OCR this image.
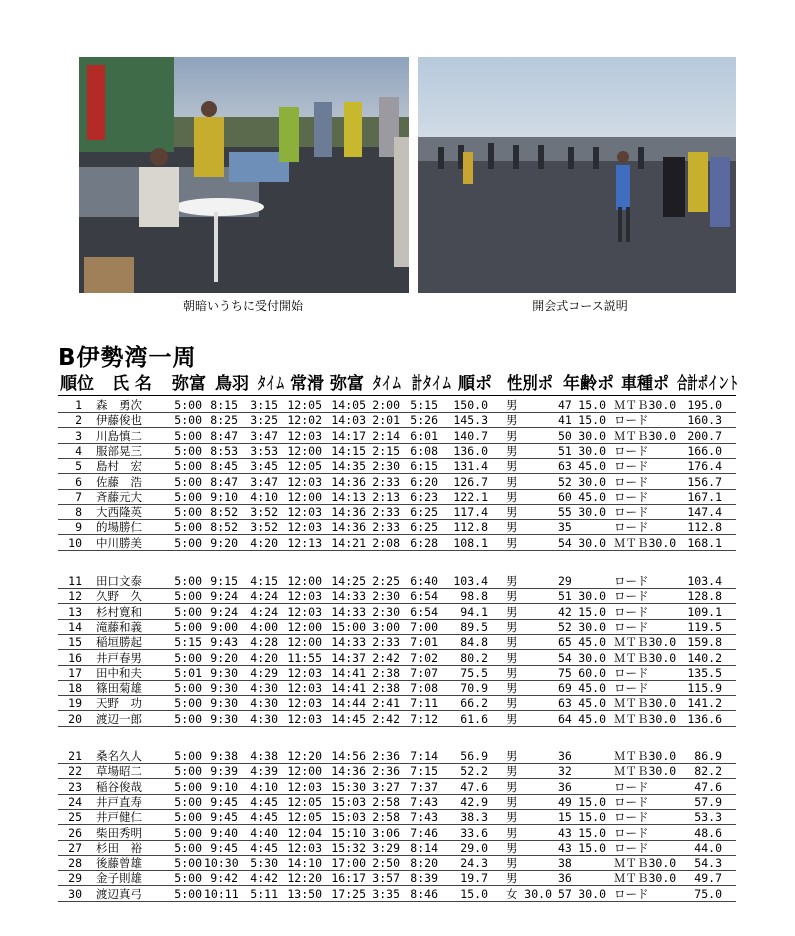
朝暗いうちに受付開始	開会式コース説明
B伊勢湾一周
順位 氏 名 弥富 鳥羽 タイム 常滑 弥富 タイム 計タイム 順ポ 性別ポ 年齢ポ 車種ポ 合計ポイント
1 森　勇次	5:00 8:15	3:15 12:05 14:05 2:00 5:15 150.0 男	47 15.0 ＭＴＢ30.0 195.0
2 伊藤俊也	5:00 8:25	3:25 12:02 14:03 2:01 5:26 145.3 男	41 15.0 ロード	160.3
3 川島慎二	5:00 8:47	3:47 12:03 14:17 2:14 6:01 140.7 男	50 30.0 ＭＴＢ30.0 200.7
4 服部晃三	5:00 8:53	3:53 12:00 14:15 2:15 6:08 136.0 男	51 30.0 ロード	166.0
5 島村　宏	5:00 8:45	3:45 12:05 14:35 2:30 6:15 131.4 男	63 45.0 ロード	176.4
6 佐藤　浩	5:00 8:47	3:47 12:03 14:36 2:33 6:20 126.7 男	52 30.0 ロード	156.7
7 斉藤元大	5:00 9:10	4:10 12:00 14:13 2:13 6:23 122.1 男	60 45.0 ロード	167.1
8 大西隆英	5:00 8:52	3:52 12:03 14:36 2:33 6:25 117.4 男	55 30.0 ロード	147.4
9 的場勝仁	5:00 8:52	3:52 12:03 14:36 2:33 6:25 112.8 男	35	ロード	112.8
10 中川勝美	5:00 9:20	4:20 12:13 14:21 2:08 6:28 108.1 男	54 30.0 ＭＴＢ30.0 168.1
11 田口文泰	5:00 9:15	4:15 12:00 14:25 2:25 6:40 103.4 男	29	ロード	103.4
12 久野　久	5:00 9:24	4:24 12:03 14:33 2:30 6:54	98.8 男	51 30.0 ロード	128.8
13 杉村寛和	5:00 9:24	4:24 12:03 14:33 2:30 6:54	94.1 男	42 15.0 ロード	109.1
14 滝藤和義	5:00 9:00	4:00 12:00 15:00 3:00 7:00	89.5 男	52 30.0 ロード	119.5
15 稲垣勝起	5:15 9:43	4:28 12:00 14:33 2:33 7:01	84.8 男	65 45.0 ＭＴＢ30.0 159.8
16 井戸春男	5:00 9:20	4:20 11:55 14:37 2:42 7:02	80.2 男	54 30.0 ＭＴＢ30.0 140.2
17 田中和夫	5:01 9:30	4:29 12:03 14:41 2:38 7:07	75.5 男	75 60.0 ロード	135.5
18 篠田菊雄	5:00 9:30	4:30 12:03 14:41 2:38 7:08	70.9 男	69 45.0 ロード	115.9
19 天野　功	5:00 9:30	4:30 12:03 14:44 2:41 7:11	66.2 男	63 45.0 ＭＴＢ30.0 141.2
20 渡辺一郎	5:00 9:30	4:30 12:03 14:45 2:42 7:12	61.6 男	64 45.0 ＭＴＢ30.0 136.6
21 桑名久人	5:00 9:38	4:38 12:20 14:56 2:36 7:14	56.9 男	36	ＭＴＢ30.0	86.9
22 草場昭二	5:00 9:39	4:39 12:00 14:36 2:36 7:15	52.2 男	32	ＭＴＢ30.0	82.2
23 稲谷俊哉	5:00 9:10	4:10 12:03 15:30 3:27 7:37	47.6 男	36	ロード	47.6
24 井戸直寿	5:00 9:45	4:45 12:05 15:03 2:58 7:43	42.9 男	49 15.0 ロード	57.9
25 井戸健仁	5:00 9:45	4:45 12:05 15:03 2:58 7:43	38.3 男	15 15.0 ロード	53.3
26 柴田秀明	5:00 9:40	4:40 12:04 15:10 3:06 7:46	33.6 男	43 15.0 ロード	48.6
27 杉田　裕	5:00 9:45	4:45 12:03 15:32 3:29 8:14	29.0 男	43 15.0 ロード	44.0
28 後藤曾雄	5:00 10:30	5:30 14:10 17:00 2:50 8:20	24.3 男	38	ＭＴＢ30.0	54.3
29 金子則雄	5:00 9:42	4:42 12:20 16:17 3:57 8:39	19.7 男	36	ＭＴＢ30.0	49.7
30 渡辺真弓	5:00 10:11	5:11 13:50 17:25 3:35 8:46	15.0 女 30.0 57 30.0 ロード	75.0
